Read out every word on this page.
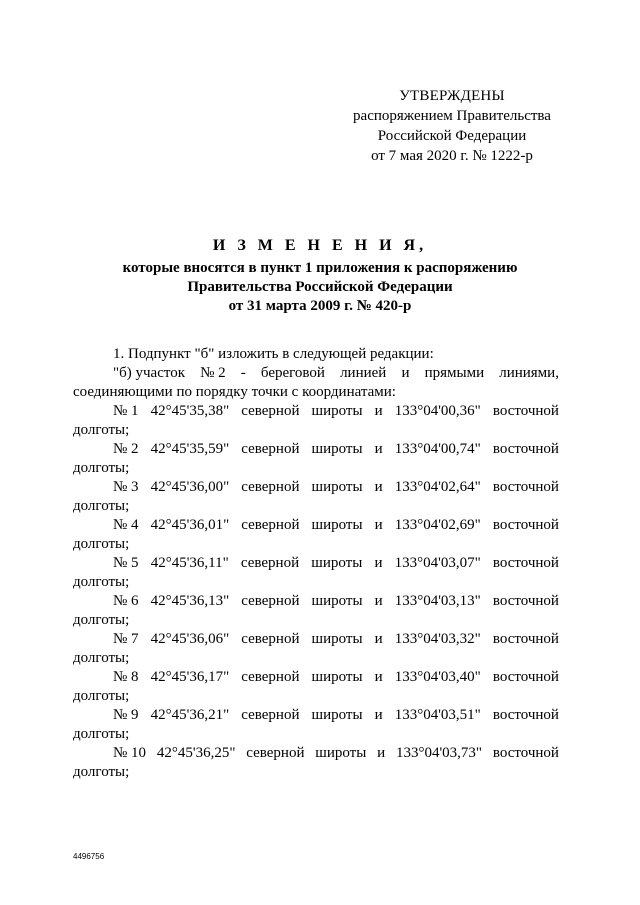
УТВЕРЖДЕНЫ
распоряжением Правительства
Российской Федерации
от 7 мая 2020 г. № 1222-р
И З М Е Н Е Н И Я,
которые вносятся в пункт 1 приложения к распоряжению
Правительства Российской Федерации
от 31 марта 2009 г. № 420-р

1. Подпункт "б" изложить в следующей редакции:

"б) участок № 2 - береговой линией и прямыми линиями,
соединяющими по порядку точки с координатами:
№ 1 42°45'35,38" северной широты и 133°04'00,36" восточной
долготы;
№ 2 42°45'35,59" северной широты и 133°04'00,74" восточной
долготы;
№ 3 42°45'36,00" северной широты и 133°04'02,64" восточной
долготы;
№ 4 42°45'36,01" северной широты и 133°04'02,69" восточной
долготы;
№ 5 42°45'36,11" северной широты и 133°04'03,07" восточной
долготы;
№ 6 42°45'36,13" северной широты и 133°04'03,13" восточной
долготы;
№ 7 42°45'36,06" северной широты и 133°04'03,32" восточной
долготы;
№ 8 42°45'36,17" северной широты и 133°04'03,40" восточной
долготы;
№ 9 42°45'36,21" северной широты и 133°04'03,51" восточной
долготы;
№ 10 42°45'36,25" северной широты и 133°04'03,73" восточной
долготы;
4496756
